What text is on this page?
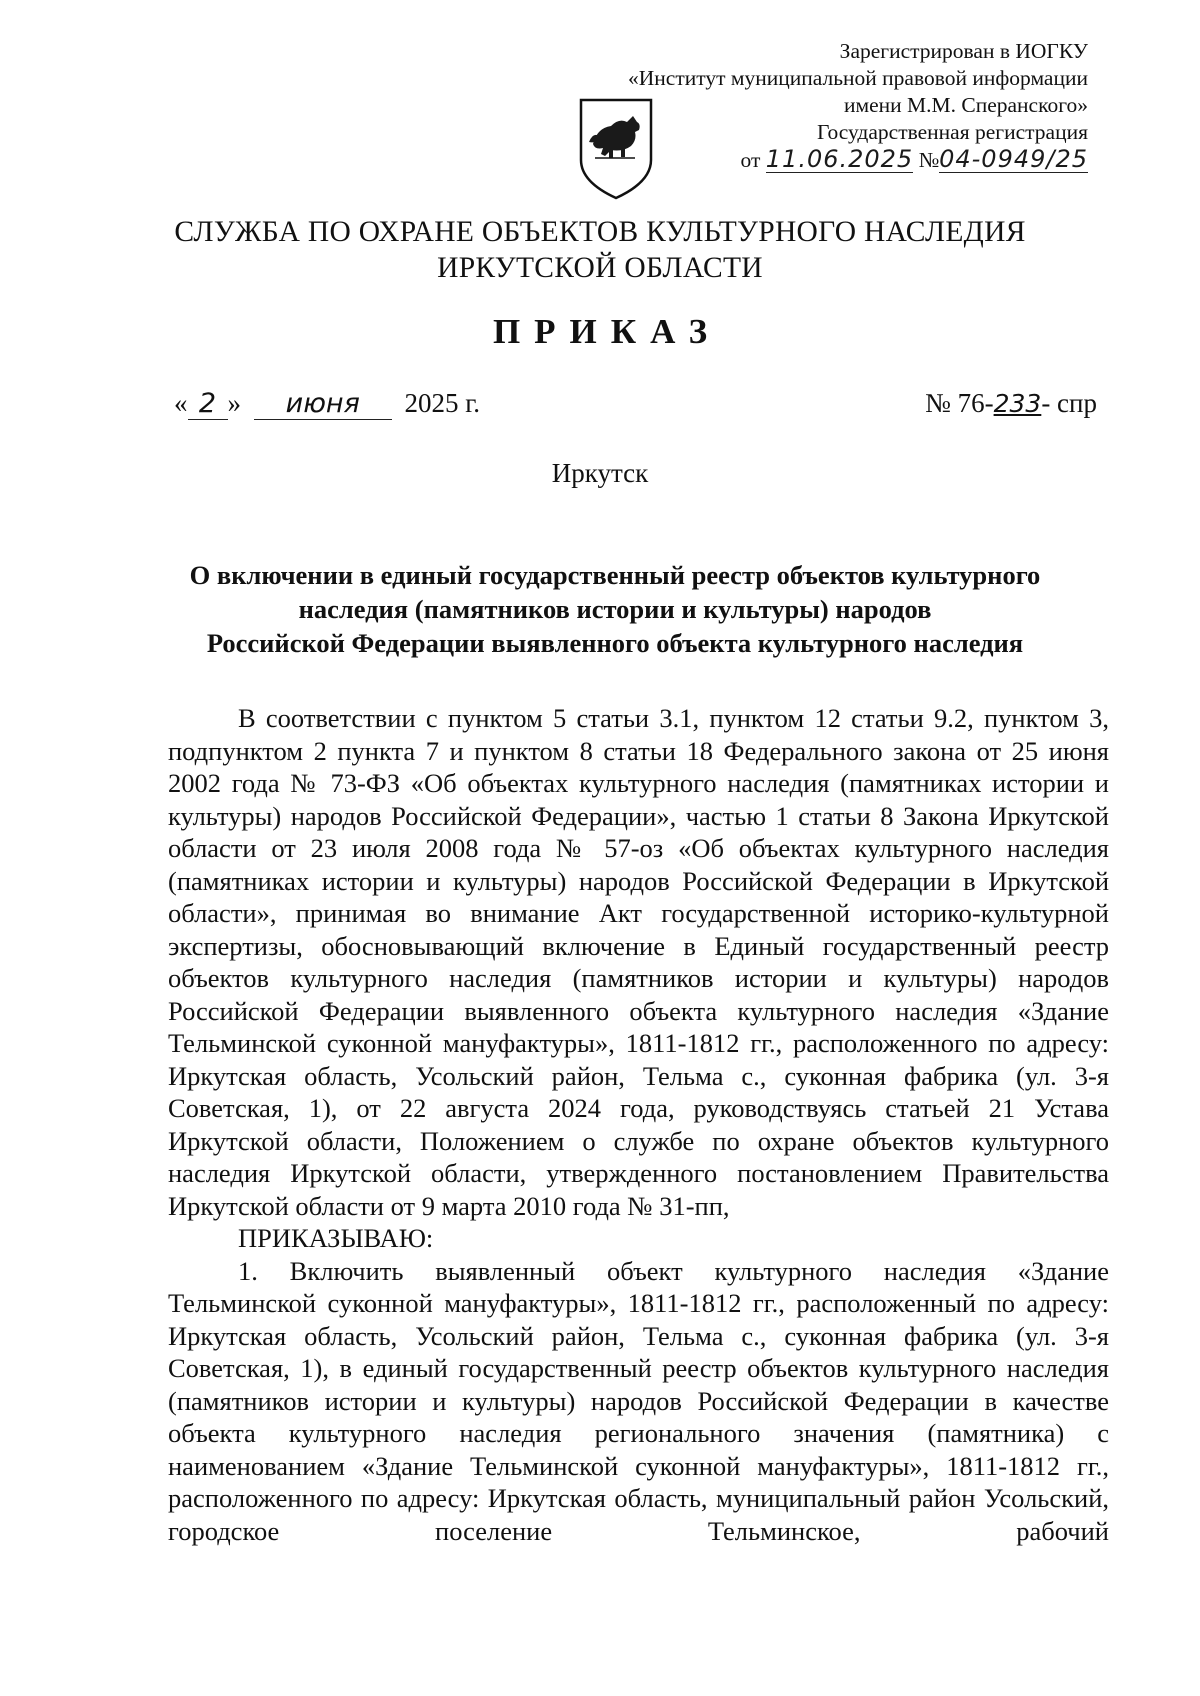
Зарегистрирован в ИОГКУ
«Институт муниципальной правовой информации
имени М.М. Сперанского»
Государственная регистрация
от 11.06.2025 №04-0949/25
СЛУЖБА ПО ОХРАНЕ ОБЪЕКТОВ КУЛЬТУРНОГО НАСЛЕДИЯ
ИРКУТСКОЙ ОБЛАСТИ
ПРИКАЗ
« 2 » июня 2025 г.	№ 76-233- спр
Иркутск
О включении в единый государственный реестр объектов культурного
наследия (памятников истории и культуры) народов
Российской Федерации выявленного объекта культурного наследия

В соответствии с пунктом 5 статьи 3.1, пунктом 12 статьи 9.2, пунктом 3, подпунктом 2 пункта 7 и пунктом 8 статьи 18 Федерального закона от 25 июня 2002 года № 73-ФЗ «Об объектах культурного наследия (памятниках истории и культуры) народов Российской Федерации», частью 1 статьи 8 Закона Иркутской области от 23 июля 2008 года № 57-оз «Об объектах культурного наследия (памятниках истории и культуры) народов Российской Федерации в Иркутской области», принимая во внимание Акт государственной историко-культурной экспертизы, обосновывающий включение в Единый государственный реестр объектов культурного наследия (памятников истории и культуры) народов Российской Федерации выявленного объекта культурного наследия «Здание Тельминской суконной мануфактуры», 1811-1812 гг., расположенного по адресу: Иркутская область, Усольский район, Тельма с., суконная фабрика (ул. 3-я Советская, 1), от 22 августа 2024 года, руководствуясь статьей 21 Устава Иркутской области, Положением о службе по охране объектов культурного наследия Иркутской области, утвержденного постановлением Правительства Иркутской области от 9 марта 2010 года № 31-пп,

ПРИКАЗЫВАЮ:

1. Включить выявленный объект культурного наследия «Здание Тельминской суконной мануфактуры», 1811-1812 гг., расположенный по адресу: Иркутская область, Усольский район, Тельма с., суконная фабрика (ул. 3-я Советская, 1), в единый государственный реестр объектов культурного наследия (памятников истории и культуры) народов Российской Федерации в качестве объекта культурного наследия регионального значения (памятника) с наименованием «Здание Тельминской суконной мануфактуры», 1811-1812 гг., расположенного по адресу: Иркутская область, муниципальный район Усольский, городское поселение Тельминское, рабочий
